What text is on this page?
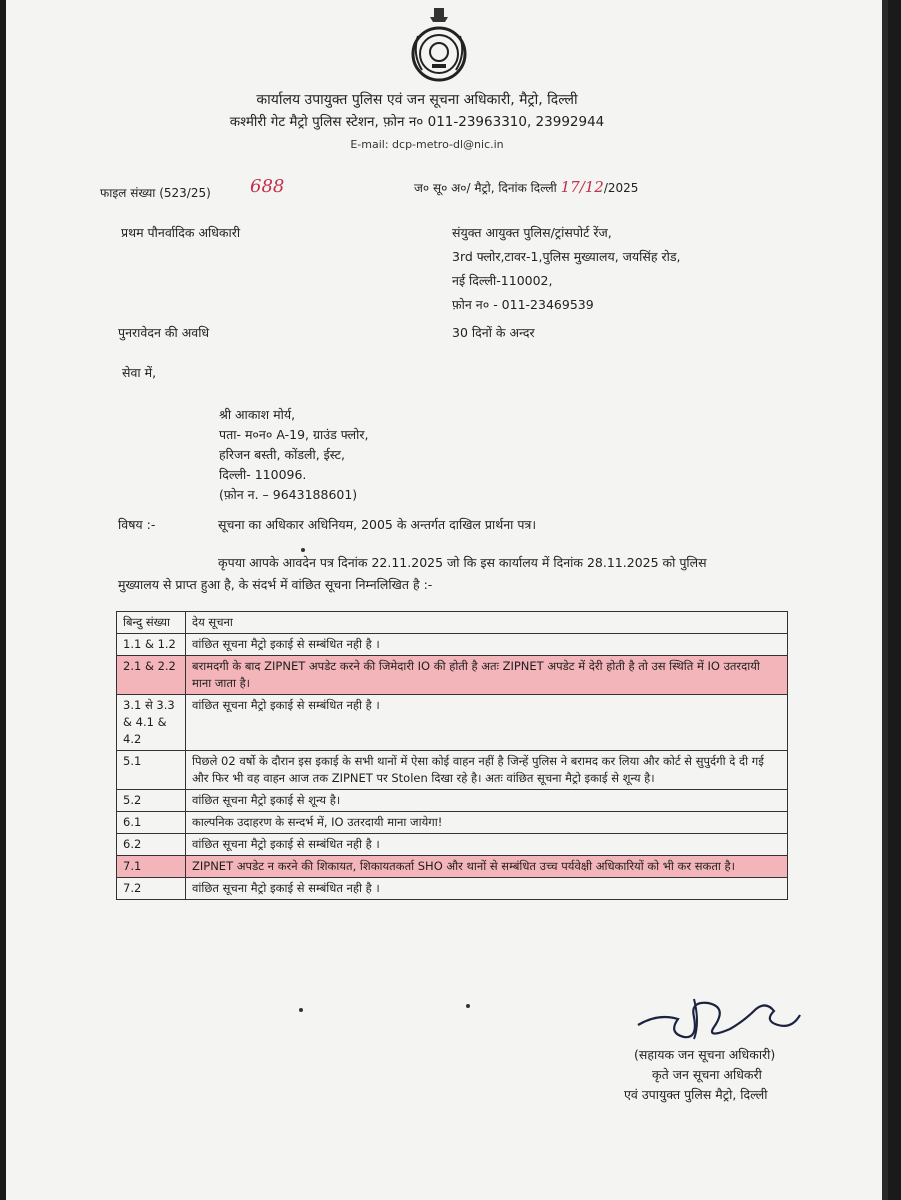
कार्यालय उपायुक्त पुलिस एवं जन सूचना अधिकारी, मैट्रो, दिल्ली
कश्मीरी गेट मैट्रो पुलिस स्टेशन, फ़ोन न० 011-23963310, 23992944
E-mail: dcp-metro-dl@nic.in
फाइल संख्या (523/25) 688	ज० सू० अ०/ मैट्रो, दिनांक दिल्ली 17/12/2025
प्रथम पौनर्वादिक अधिकारी	संयुक्त आयुक्त पुलिस/ट्रांसपोर्ट रेंज,
3rd फ्लोर,टावर-1,पुलिस मुख्यालय, जयसिंह रोड,
नई दिल्ली-110002,
फ़ोन न० - 011-23469539
पुनरावेदन की अवधि	30 दिनों के अन्दर
सेवा में,
श्री आकाश मोर्य,
पता- म०न० A-19, ग्राउंड फ्लोर,
हरिजन बस्ती, कोंडली, ईस्ट,
दिल्ली- 110096.
(फ़ोन न. – 9643188601)
विषय :-	सूचना का अधिकार अधिनियम, 2005 के अन्तर्गत दाखिल प्रार्थना पत्र।
कृपया आपके आवदेन पत्र दिनांक 22.11.2025 जो कि इस कार्यालय में दिनांक 28.11.2025 को पुलिस
मुख्यालय से प्राप्त हुआ है, के संदर्भ में वांछित सूचना निम्नलिखित है :-
बिन्दु संख्या	देय सूचना
1.1 & 1.2	वांछित सूचना मैट्रो इकाई से सम्बंधित नही है ।
2.1 & 2.2	बरामदगी के बाद ZIPNET अपडेट करने की जिमेदारी IO की होती है अतः ZIPNET अपडेट में देरी होती है तो उस स्थिति में IO उतरदायी माना जाता है।
3.1 से 3.3 & 4.1 & 4.2	वांछित सूचना मैट्रो इकाई से सम्बंधित नही है ।
5.1	पिछले 02 वर्षो के दौरान इस इकाई के सभी थानों में ऐसा कोई वाहन नहीं है जिन्हें पुलिस ने बरामद कर लिया और कोर्ट से सुपुर्दगी दे दी गई और फिर भी वह वाहन आज तक ZIPNET पर Stolen दिखा रहे है। अतः वांछित सूचना मैट्रो इकाई से शून्य है।
5.2	वांछित सूचना मैट्रो इकाई से शून्य है।
6.1	काल्पनिक उदाहरण के सन्दर्भ में, IO उतरदायी माना जायेगा!
6.2	वांछित सूचना मैट्रो इकाई से सम्बंधित नही है ।
7.1	ZIPNET अपडेट न करने की शिकायत, शिकायतकर्ता SHO और थानों से सम्बंधित उच्च पर्यवेक्षी अधिकारियों को भी कर सकता है।
7.2	वांछित सूचना मैट्रो इकाई से सम्बंधित नही है ।
(सहायक जन सूचना अधिकारी)
कृते जन सूचना अधिकरी
एवं उपायुक्त पुलिस मैट्रो, दिल्ली
